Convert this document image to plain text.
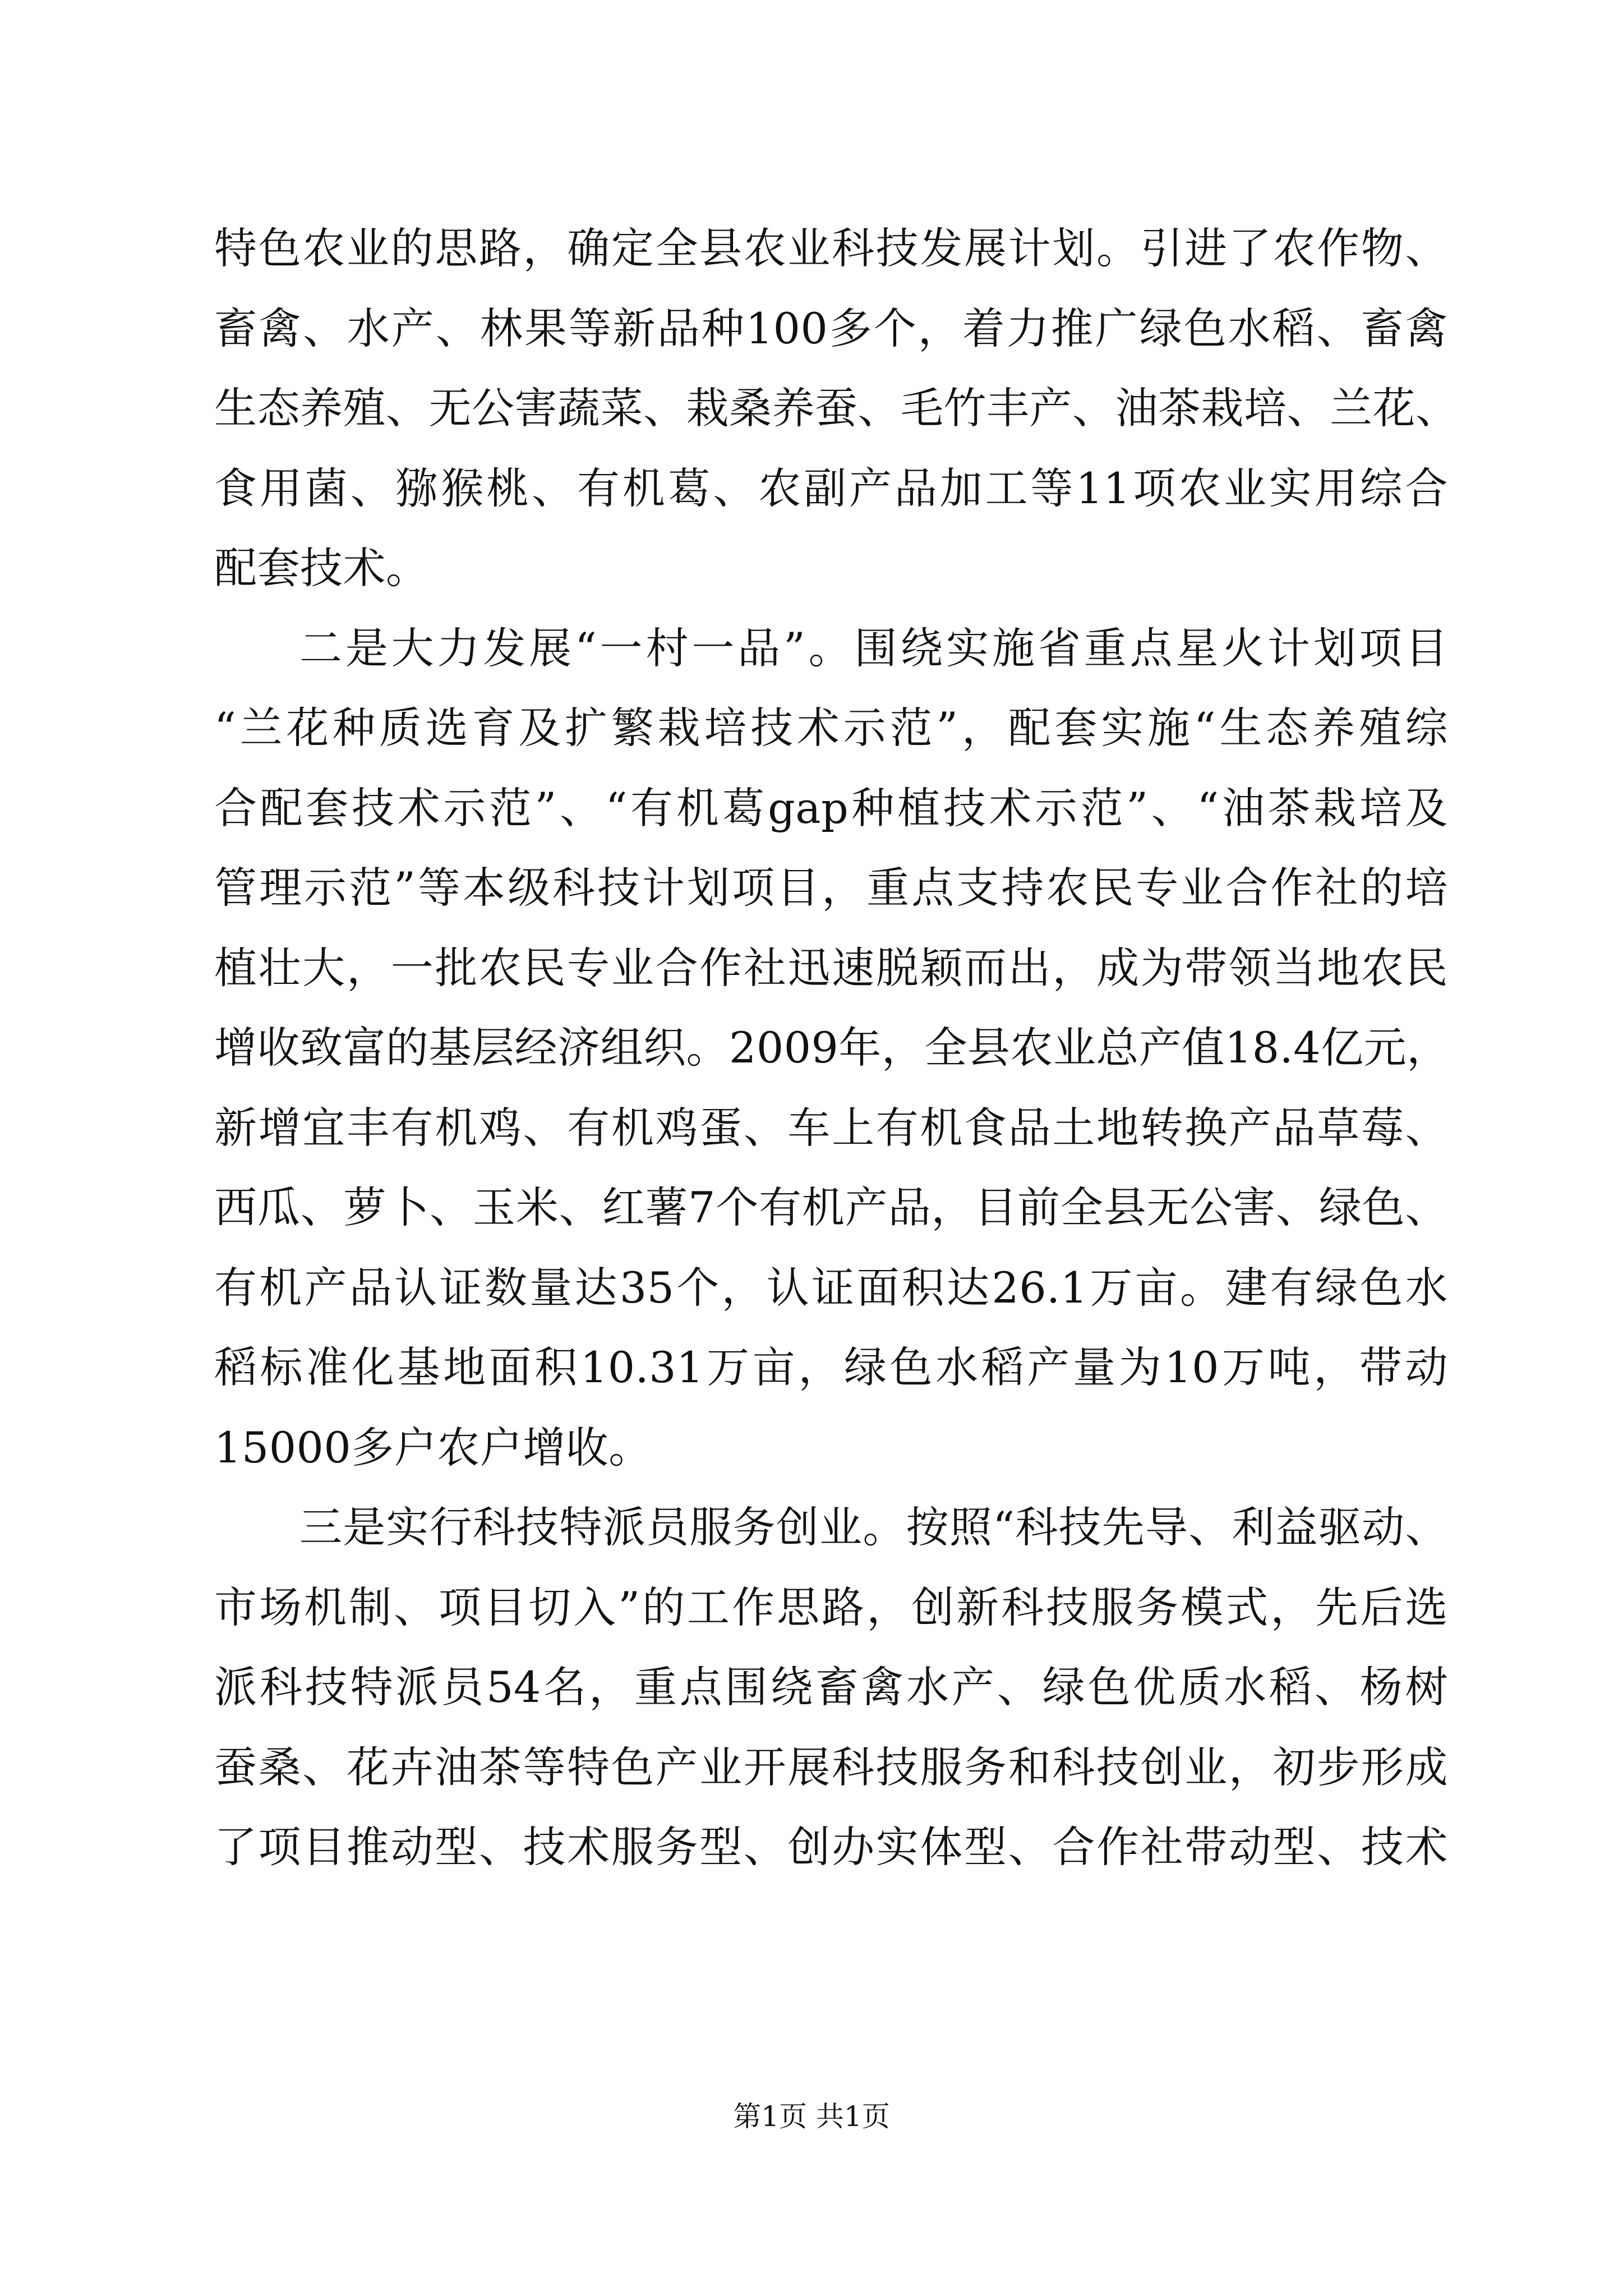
特色农业的思路，确定全县农业科技发展计划。引进了农作物、
畜禽、水产、林果等新品种100多个，着力推广绿色水稻、畜禽
生态养殖、无公害蔬菜、栽桑养蚕、毛竹丰产、油茶栽培、兰花、
食用菌、猕猴桃、有机葛、农副产品加工等11项农业实用综合
配套技术。
二是大力发展“一村一品”。围绕实施省重点星火计划项目
“兰花种质选育及扩繁栽培技术示范”，配套实施“生态养殖综
合配套技术示范”、“有机葛gap种植技术示范”、“油茶栽培及
管理示范”等本级科技计划项目，重点支持农民专业合作社的培
植壮大，一批农民专业合作社迅速脱颖而出，成为带领当地农民
增收致富的基层经济组织。2009年，全县农业总产值18.4亿元，
新增宜丰有机鸡、有机鸡蛋、车上有机食品土地转换产品草莓、
西瓜、萝卜、玉米、红薯7个有机产品，目前全县无公害、绿色、
有机产品认证数量达35个，认证面积达26.1万亩。建有绿色水
稻标准化基地面积10.31万亩，绿色水稻产量为10万吨，带动
15000多户农户增收。
三是实行科技特派员服务创业。按照“科技先导、利益驱动、
市场机制、项目切入”的工作思路，创新科技服务模式，先后选
派科技特派员54名，重点围绕畜禽水产、绿色优质水稻、杨树
蚕桑、花卉油茶等特色产业开展科技服务和科技创业，初步形成
了项目推动型、技术服务型、创办实体型、合作社带动型、技术
第1页 共1页
